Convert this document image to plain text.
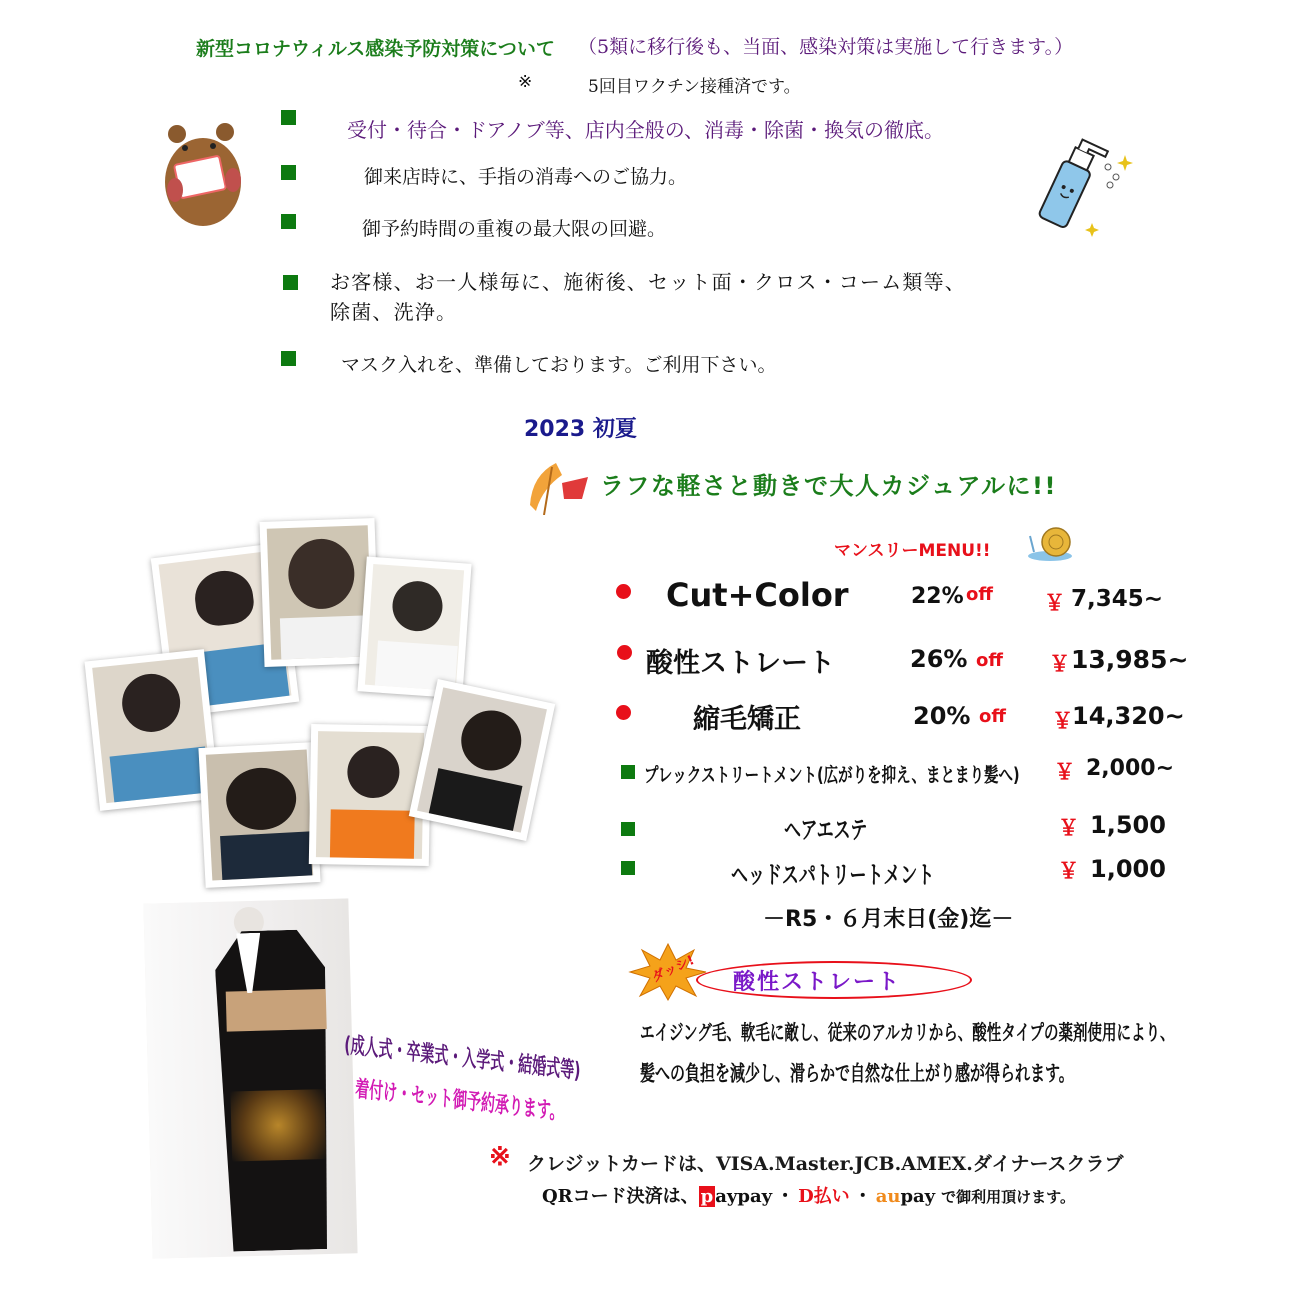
新型コロナウィルス感染予防対策について （5類に移行後も、当面、感染対策は実施して行きます。）
※	5回目ワクチン接種済です。
受付・待合・ドアノブ等、店内全般の、消毒・除菌・換気の徹底。
御来店時に、手指の消毒へのご協力。
御予約時間の重複の最大限の回避。
お客様、お一人様毎に、施術後、セット面・クロス・コーム類等、
除菌、洗浄。
マスク入れを、準備しております。ご利用下さい。
2023 初夏
ラフな軽さと動きで大人カジュアルに!!
マンスリーMENU!!
Cut+Color	22% off ￥ 7,345~
酸性ストレート	26% off ￥ 13,985~
縮毛矯正	20% off ￥ 14,320~
プレックストリートメント(広がりを抑え、まとまり髪へ) ￥ 2,000~
ヘアエステ	￥ 1,500
ヘッドスパトリートメント	￥ 1,000
－R5・６月末日(金)迄－
ダッシ! 酸性ストレート
エイジング毛、軟毛に敵し、従来のアルカリから、酸性タイプの薬剤使用により、
髪への負担を減少し、滑らかで自然な仕上がり感が得られます。
(成人式・卒業式・入学式・結婚式等)
着付け・セット御予約承ります。
※ クレジットカードは、VISA.Master.JCB.AMEX.ダイナースクラブ
QRコード決済は、 p aypay ・ D払い ・ aupay で御利用頂けます。
